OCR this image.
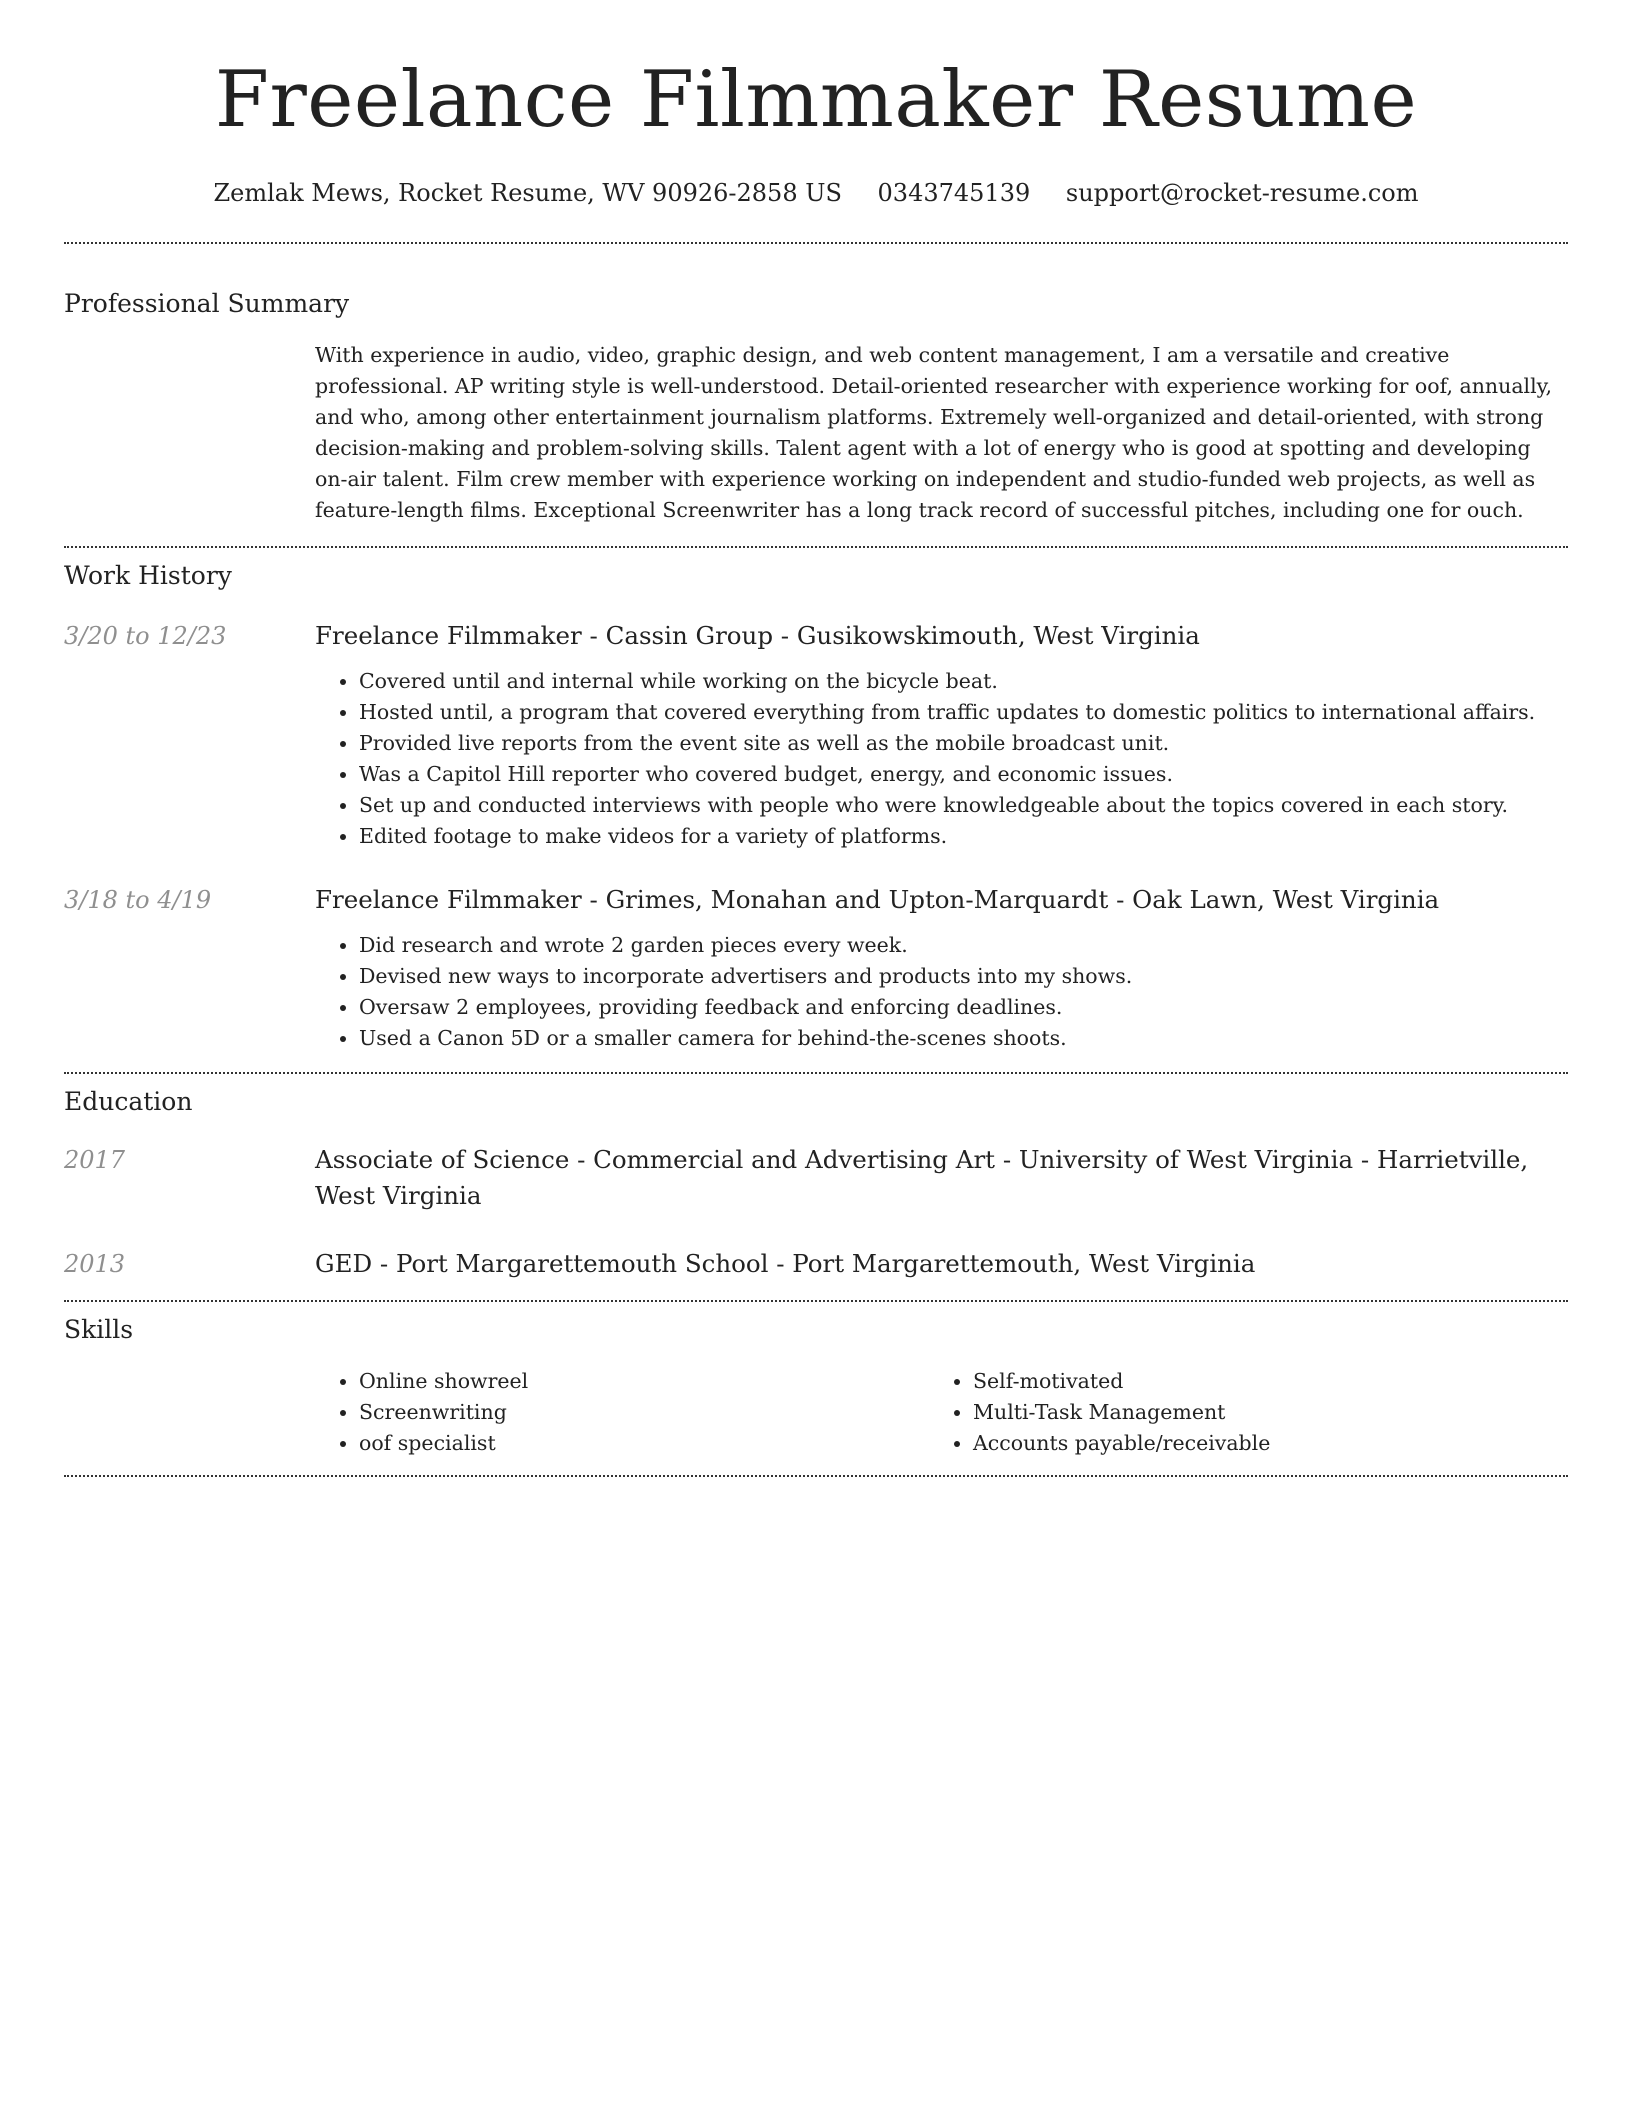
Freelance Filmmaker Resume
Zemlak Mews, Rocket Resume, WV 90926-2858 US 0343745139 support@rocket-resume.com
Professional Summary
With experience in audio, video, graphic design, and web content management, I am a versatile and creative professional. AP writing style is well-understood. Detail-oriented researcher with experience working for oof, annually, and who, among other entertainment journalism platforms. Extremely well-organized and detail-oriented, with strong decision-making and problem-solving skills. Talent agent with a lot of energy who is good at spotting and developing on-air talent. Film crew member with experience working on independent and studio-funded web projects, as well as feature-length films. Exceptional Screenwriter has a long track record of successful pitches, including one for ouch.
Work History
3/20 to 12/23	Freelance Filmmaker - Cassin Group - Gusikowskimouth, West Virginia
• Covered until and internal while working on the bicycle beat.
• Hosted until, a program that covered everything from traffic updates to domestic politics to international affairs.
• Provided live reports from the event site as well as the mobile broadcast unit.
• Was a Capitol Hill reporter who covered budget, energy, and economic issues.
• Set up and conducted interviews with people who were knowledgeable about the topics covered in each story.
• Edited footage to make videos for a variety of platforms.
3/18 to 4/19	Freelance Filmmaker - Grimes, Monahan and Upton-Marquardt - Oak Lawn, West Virginia
• Did research and wrote 2 garden pieces every week.
• Devised new ways to incorporate advertisers and products into my shows.
• Oversaw 2 employees, providing feedback and enforcing deadlines.
• Used a Canon 5D or a smaller camera for behind-the-scenes shoots.
Education
2017	Associate of Science - Commercial and Advertising Art - University of West Virginia - Harrietville, West Virginia
2013	GED - Port Margarettemouth School - Port Margarettemouth, West Virginia
Skills
• Online showreel
• Screenwriting
• oof specialist
• Self-motivated
• Multi-Task Management
• Accounts payable/receivable
